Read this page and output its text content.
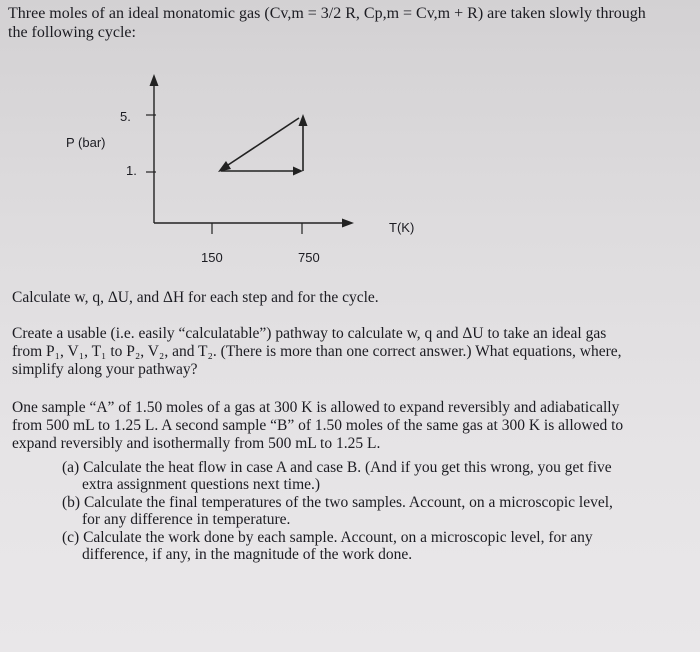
Three moles of an ideal monatomic gas (Cv,m = 3/2 R, Cp,m = Cv,m + R) are taken slowly through
the following cycle:
5.
1.
150	750
P (bar)
T(K)
Calculate w, q, ΔU, and ΔH for each step and for the cycle.
Create a usable (i.e. easily “calculatable”) pathway to calculate w, q and ΔU to take an ideal gas
from P₁, V₁, T₁ to P₂, V₂, and T₂. (There is more than one correct answer.) What equations, where,
simplify along your pathway?
One sample “A” of 1.50 moles of a gas at 300 K is allowed to expand reversibly and adiabatically
from 500 mL to 1.25 L. A second sample “B” of 1.50 moles of the same gas at 300 K is allowed to
expand reversibly and isothermally from 500 mL to 1.25 L.
(a) Calculate the heat flow in case A and case B. (And if you get this wrong, you get five
extra assignment questions next time.)
(b) Calculate the final temperatures of the two samples. Account, on a microscopic level,
for any difference in temperature.
(c) Calculate the work done by each sample. Account, on a microscopic level, for any
difference, if any, in the magnitude of the work done.
